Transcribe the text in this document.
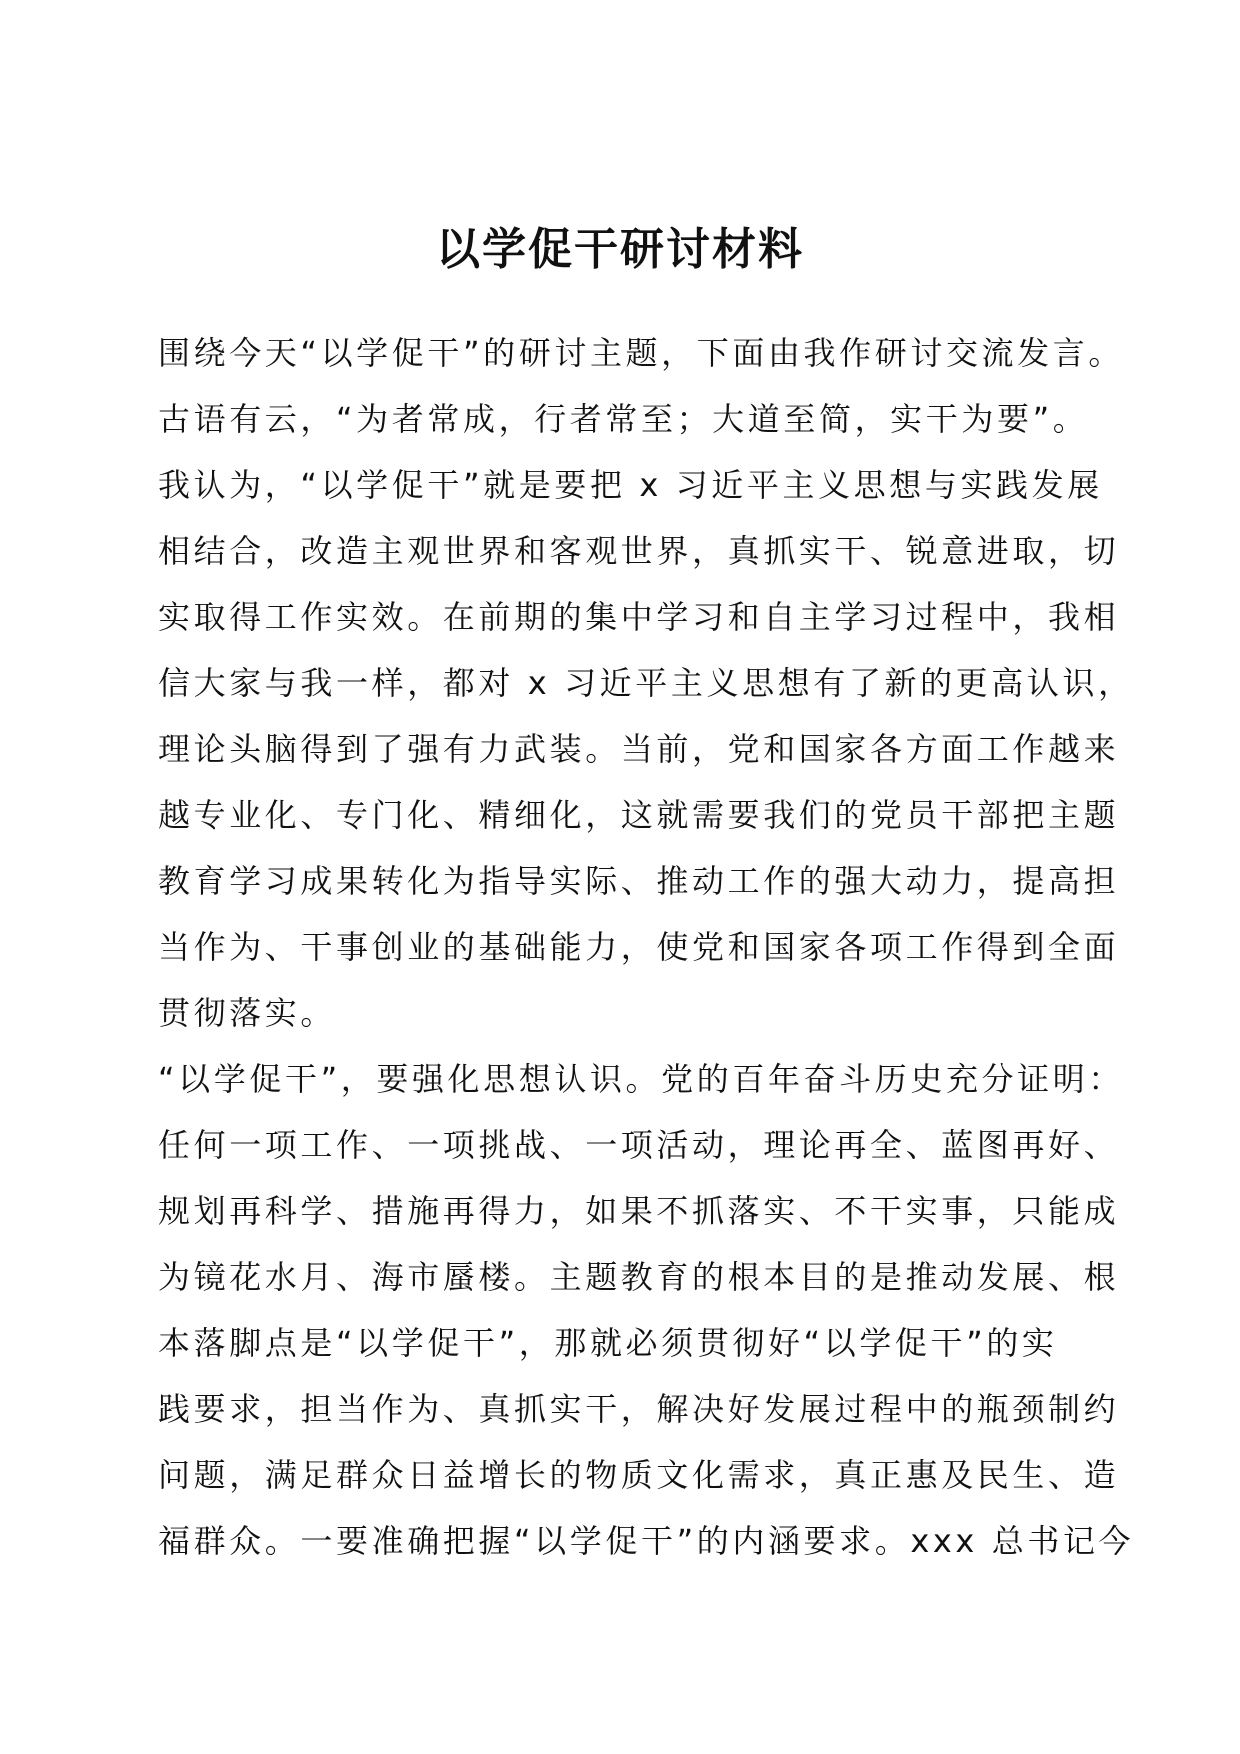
以学促干研讨材料
围绕今天“以学促干”的研讨主题，下面由我作研讨交流发言。
古语有云，“为者常成，行者常至；大道至简，实干为要”。
我认为，“以学促干”就是要把 x 习近平主义思想与实践发展
相结合，改造主观世界和客观世界，真抓实干、锐意进取，切
实取得工作实效。在前期的集中学习和自主学习过程中，我相
信大家与我一样，都对 x 习近平主义思想有了新的更高认识，
理论头脑得到了强有力武装。当前，党和国家各方面工作越来
越专业化、专门化、精细化，这就需要我们的党员干部把主题
教育学习成果转化为指导实际、推动工作的强大动力，提高担
当作为、干事创业的基础能力，使党和国家各项工作得到全面
贯彻落实。
“以学促干”，要强化思想认识。党的百年奋斗历史充分证明：
任何一项工作、一项挑战、一项活动，理论再全、蓝图再好、
规划再科学、措施再得力，如果不抓落实、不干实事，只能成
为镜花水月、海市蜃楼。主题教育的根本目的是推动发展、根
本落脚点是“以学促干”，那就必须贯彻好“以学促干”的实
践要求，担当作为、真抓实干，解决好发展过程中的瓶颈制约
问题，满足群众日益增长的物质文化需求，真正惠及民生、造
福群众。一要准确把握“以学促干”的内涵要求。xxx 总书记今
